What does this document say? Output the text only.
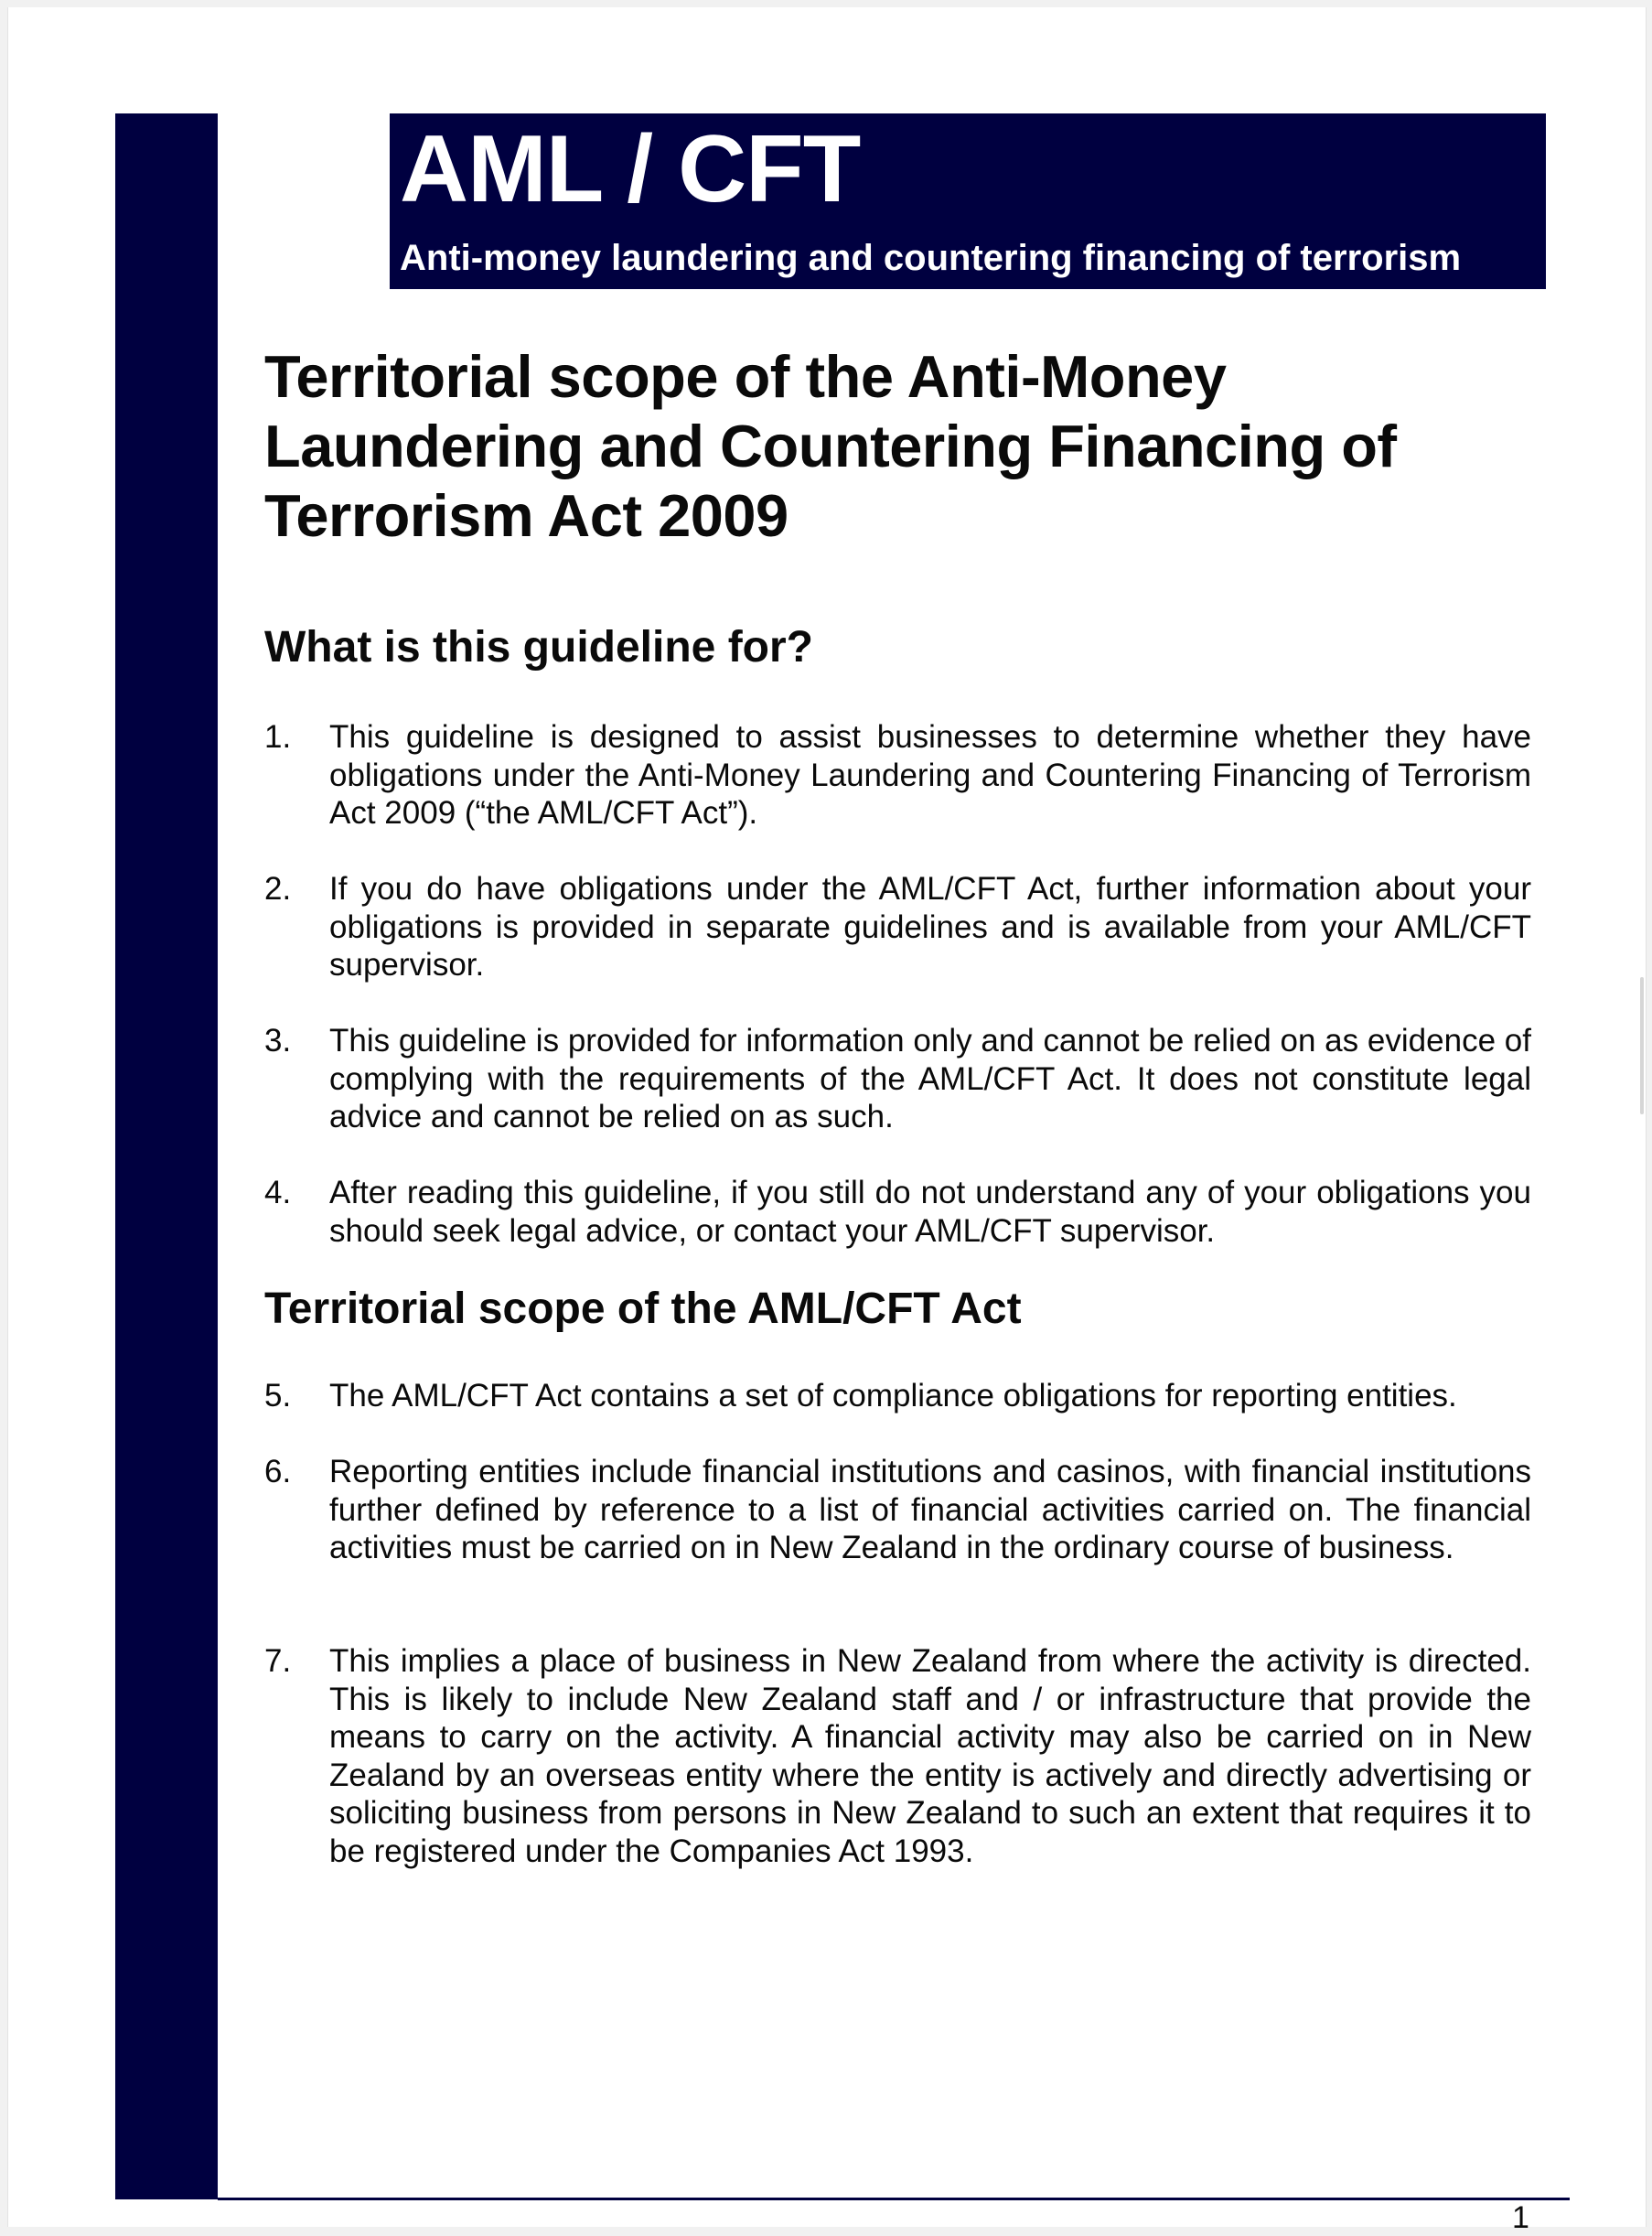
AML / CFT
Anti-money laundering and countering financing of terrorism
Territorial scope of the Anti-Money Laundering and Countering Financing of Terrorism Act 2009
What is this guideline for?
1.	This guideline is designed to assist businesses to determine whether they have obligations under the Anti-Money Laundering and Countering Financing of Terrorism Act 2009 (“the AML/CFT Act”).

2.	If you do have obligations under the AML/CFT Act, further information about your obligations is provided in separate guidelines and is available from your AML/CFT supervisor.

3.	This guideline is provided for information only and cannot be relied on as evidence of complying with the requirements of the AML/CFT Act. It does not constitute legal advice and cannot be relied on as such.

4.	After reading this guideline, if you still do not understand any of your obligations you should seek legal advice, or contact your AML/CFT supervisor.

Territorial scope of the AML/CFT Act
5.	The AML/CFT Act contains a set of compliance obligations for reporting entities.

6.	Reporting entities include financial institutions and casinos, with financial institutions further defined by reference to a list of financial activities carried on. The financial activities must be carried on in New Zealand in the ordinary course of business.

7.	This implies a place of business in New Zealand from where the activity is directed. This is likely to include New Zealand staff and / or infrastructure that provide the means to carry on the activity. A financial activity may also be carried on in New Zealand by an overseas entity where the entity is actively and directly advertising or soliciting business from persons in New Zealand to such an extent that requires it to be registered under the Companies Act 1993.

1
